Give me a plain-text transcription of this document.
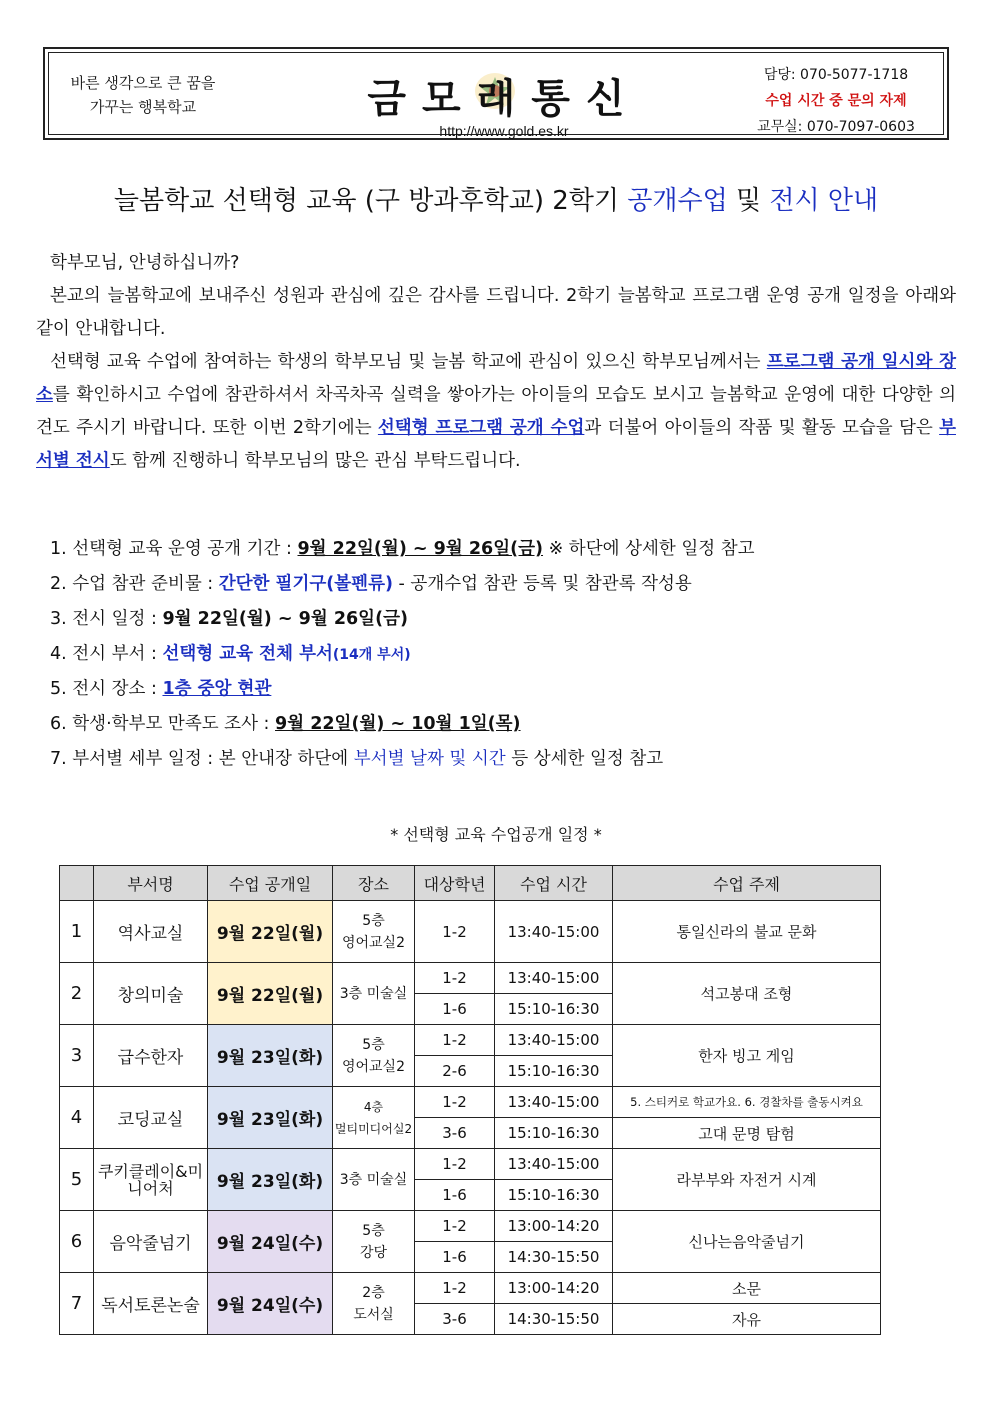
바른 생각으로 큰 꿈을
가꾸는 행복학교	금모래통신
http://www.gold.es.kr
담당: 070-5077-1718
수업 시간 중 문의 자제
교무실: 070-7097-0603
늘봄학교 선택형 교육 (구 방과후학교) 2학기 공개수업 및 전시 안내

학부모님, 안녕하십니까?

본교의 늘봄학교에 보내주신 성원과 관심에 깊은 감사를 드립니다. 2학기 늘봄학교 프로그램 운영 공개 일정을 아래와 같이 안내합니다.

선택형 교육 수업에 참여하는 학생의 학부모님 및 늘봄 학교에 관심이 있으신 학부모님께서는 프로그램 공개 일시와 장소를 확인하시고 수업에 참관하셔서 차곡차곡 실력을 쌓아가는 아이들의 모습도 보시고 늘봄학교 운영에 대한 다양한 의견도 주시기 바랍니다. 또한 이번 2학기에는 선택형 프로그램 공개 수업과 더불어 아이들의 작품 및 활동 모습을 담은 부서별 전시도 함께 진행하니 학부모님의 많은 관심 부탁드립니다.

1. 선택형 교육 운영 공개 기간 : 9월 22일(월) ~ 9월 26일(금) ※ 하단에 상세한 일정 참고
2. 수업 참관 준비물 : 간단한 필기구(볼펜류) - 공개수업 참관 등록 및 참관록 작성용
3. 전시 일정 : 9월 22일(월) ~ 9월 26일(금)
4. 전시 부서 : 선택형 교육 전체 부서(14개 부서)
5. 전시 장소 : 1층 중앙 현관
6. 학생·학부모 만족도 조사 : 9월 22일(월) ~ 10월 1일(목)
7. 부서별 세부 일정 : 본 안내장 하단에 부서별 날짜 및 시간 등 상세한 일정 참고
* 선택형 교육 수업공개 일정 *
	부서명	수업 공개일	장소	대상학년	수업 시간	수업 주제
1	역사교실	9월 22일(월)	5층
영어교실2	1-2	13:40-15:00	통일신라의 불교 문화
2	창의미술	9월 22일(월)	3층 미술실	1-2	13:40-15:00	석고봉대 조형
				1-6	15:10-16:30	
3	급수한자	9월 23일(화)	5층
영어교실2	1-2	13:40-15:00	한자 빙고 게임
				2-6	15:10-16:30	
4	코딩교실	9월 23일(화)	4층
멀티미디어실2	1-2	13:40-15:00	5. 스티커로 학교가요. 6. 경찰차를 출동시켜요
				3-6	15:10-16:30	고대 문명 탐험
5	쿠키클레이&미
니어처	9월 23일(화)	3층 미술실	1-2	13:40-15:00	라부부와 자전거 시계
				1-6	15:10-16:30	
6	음악줄넘기	9월 24일(수)	5층
강당	1-2	13:00-14:20	신나는음악줄넘기
				1-6	14:30-15:50	
7	독서토론논술	9월 24일(수)	2층
도서실	1-2	13:00-14:20	소문
				3-6	14:30-15:50	자유
